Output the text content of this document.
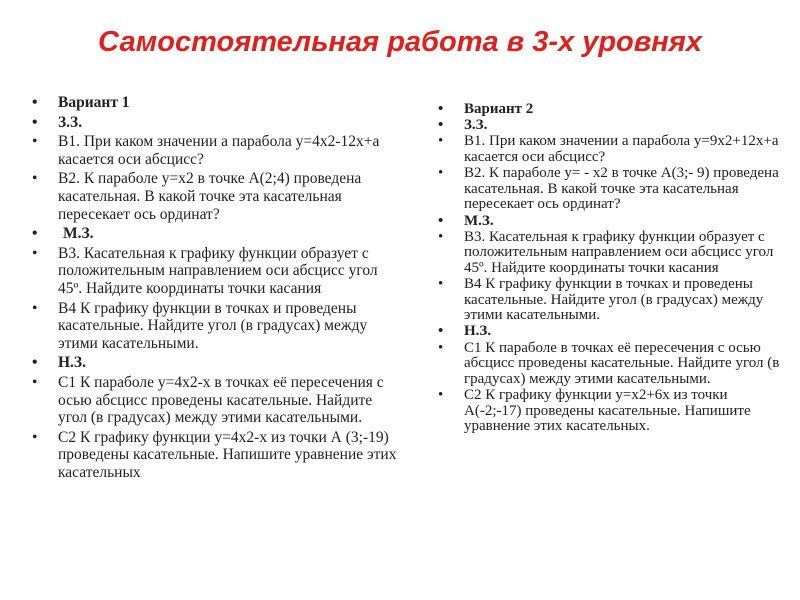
Самостоятельная работа в 3-х уровнях
• Вариант 1
• З.З.
• В1. При каком значении а парабола у=4х2-12х+а касается оси абсцисс?
• В2. К параболе у=х2 в точке А(2;4) проведена касательная. В какой точке эта касательная пересекает ось ординат?
• М.З.
• В3. Касательная к графику функции образует с положительным направлением оси абсцисс угол 45º. Найдите координаты точки касания
• В4 К графику функции в точках и проведены касательные. Найдите угол (в градусах) между этими касательными.
• Н.З.
• С1 К параболе у=4х2-х в точках её пересечения с осью абсцисс проведены касательные. Найдите угол (в градусах) между этими касательными.
• С2 К графику функции у=4х2-х из точки А (3;-19) проведены касательные. Напишите уравнение этих касательных
• Вариант 2
• З.З.
• В1. При каком значении а парабола у=9х2+12х+а касается оси абсцисс?
• В2. К параболе у= - х2 в точке А(3;- 9) проведена касательная. В какой точке эта касательная пересекает ось ординат?
• М.З.
• В3. Касательная к графику функции образует с положительным направлением оси абсцисс угол 45º. Найдите координаты точки касания
• В4 К графику функции в точках и проведены касательные. Найдите угол (в градусах) между этими касательными.
• Н.З.
• С1 К параболе в точках её пересечения с осью абсцисс проведены касательные. Найдите угол (в градусах) между этими касательными.
• С2 К графику функции у=х2+6х из точки А(-2;-17) проведены касательные. Напишите уравнение этих касательных.
